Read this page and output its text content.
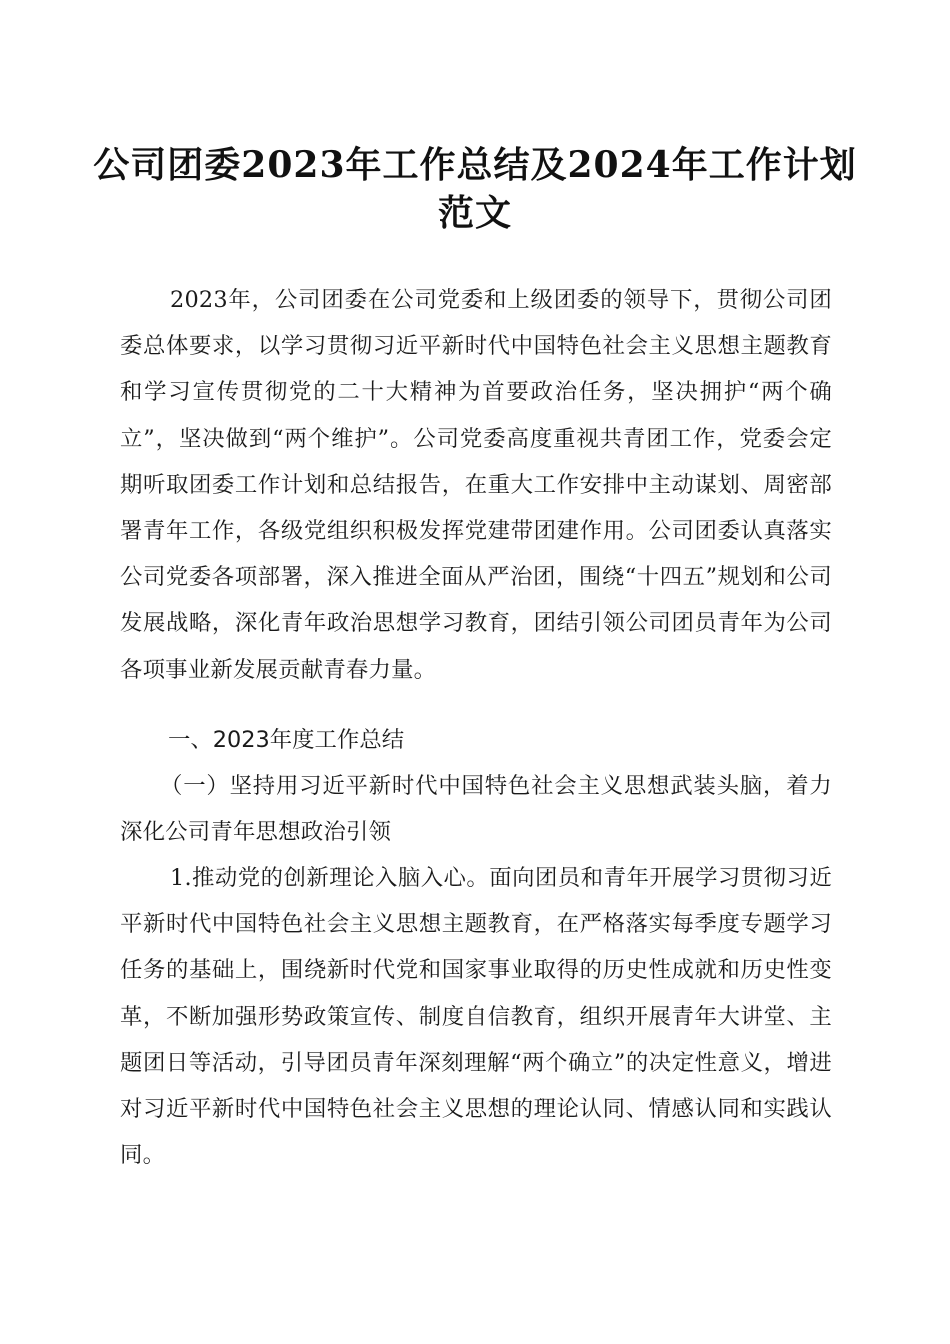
公司团委2023年工作总结及2024年工作计划
范文
2023年，公司团委在公司党委和上级团委的领导下，贯彻公司团委总体要求，以学习贯彻习近平新时代中国特色社会主义思想主题教育和学习宣传贯彻党的二十大精神为首要政治任务，坚决拥护“两个确立”，坚决做到“两个维护”。公司党委高度重视共青团工作，党委会定期听取团委工作计划和总结报告，在重大工作安排中主动谋划、周密部署青年工作，各级党组织积极发挥党建带团建作用。公司团委认真落实公司党委各项部署，深入推进全面从严治团，围绕“十四五”规划和公司发展战略，深化青年政治思想学习教育，团结引领公司团员青年为公司各项事业新发展贡献青春力量。
一、2023年度工作总结
（一）坚持用习近平新时代中国特色社会主义思想武装头脑，着力深化公司青年思想政治引领
1.推动党的创新理论入脑入心。面向团员和青年开展学习贯彻习近平新时代中国特色社会主义思想主题教育，在严格落实每季度专题学习任务的基础上，围绕新时代党和国家事业取得的历史性成就和历史性变革，不断加强形势政策宣传、制度自信教育，组织开展青年大讲堂、主题团日等活动，引导团员青年深刻理解“两个确立”的决定性意义，增进对习近平新时代中国特色社会主义思想的理论认同、情感认同和实践认同。
